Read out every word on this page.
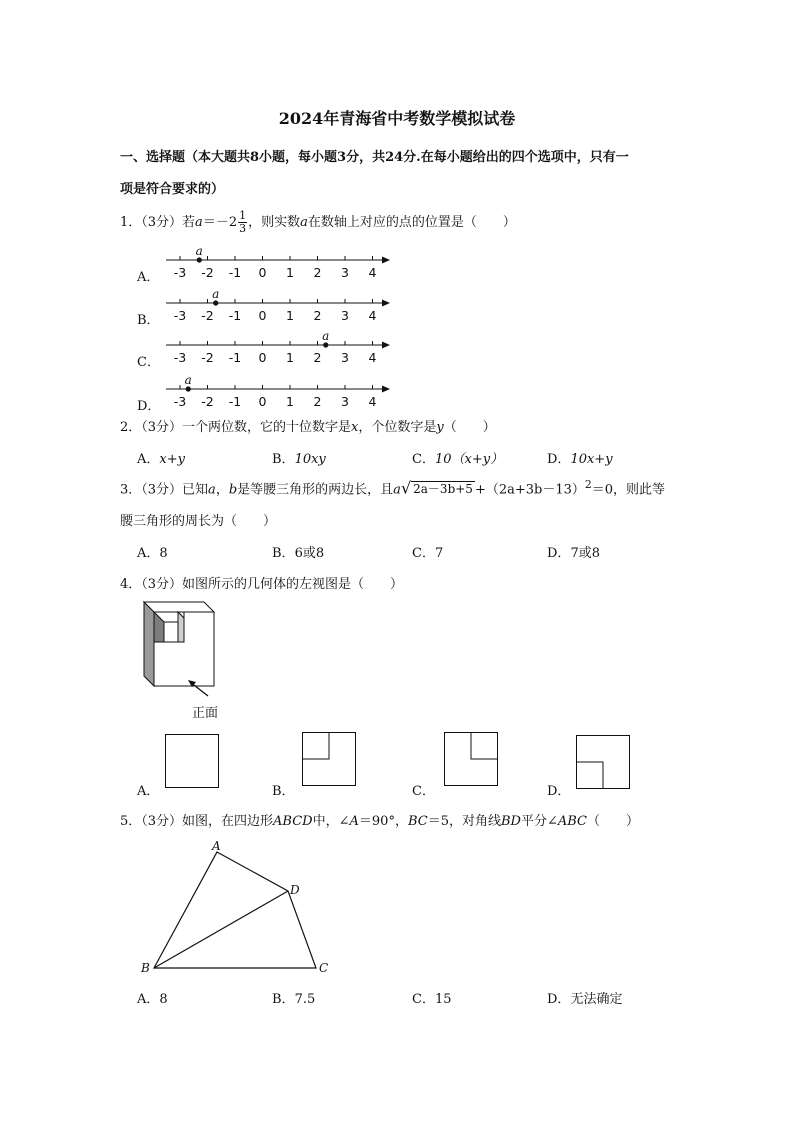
2024年青海省中考数学模拟试卷
一、选择题（本大题共8小题，每小题3分，共24分.在每小题给出的四个选项中，只有一
项是符合要求的）
1．（3分）若$a=-2 \frac{1}{3}$ ，则实数a在数轴上对应的点的位置是（　　）
A． -3 -2 -1 0 1 2 3 4
a
B． -3 -2 -1 0 1 2 3 4
a
C． -3 -2 -1 0 1 2 3 4
a
D． -3 -2 -1 0 1 2 3 4
a
2．（3分）一个两位数，它的十位数字是x，个位数字是y（　　）
A．x+y	B．10xy	C．10（x+y）	D．10x+y
3．（3分）已知a，b是等腰三角形的两边长，且a√ $2a-3b+5 +(2a+3b-13)^2=0$，则此等
腰三角形的周长为（　　）
A．8	B．6或8	C．7	D．7或8
4．（3分）如图所示的几何体的左视图是（　　）
正面
A．	B．	C．	D．
5．（3分）如图，在四边形ABCD中，∠A＝90°，BC＝5，对角线BD平分∠ABC（　　）
A
D
B	C
A．8	B．7.5	C．15	D．无法确定
